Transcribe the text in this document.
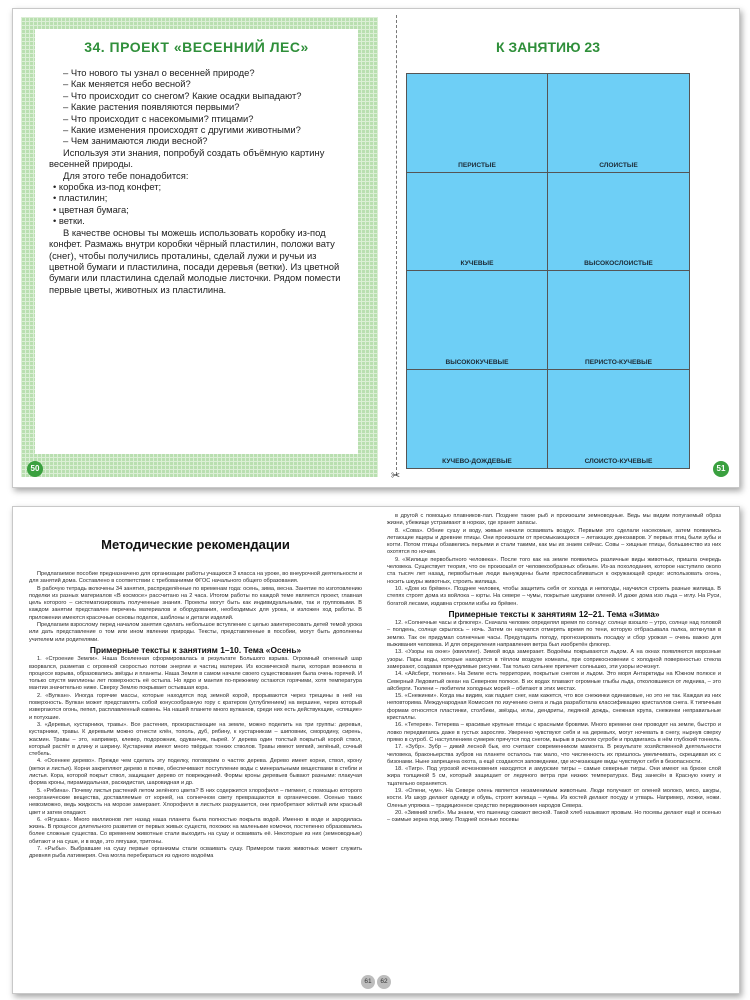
34. ПРОЕКТ «ВЕСЕННИЙ ЛЕС»

– Что нового ты узнал о весенней природе?

– Как меняется небо весной?

– Что происходит со снегом? Какие осадки выпадают?

– Какие растения появляются первыми?

– Что происходит с насекомыми? птицами?

– Какие изменения происходят с другими животными?

– Чем занимаются люди весной?

Используя эти знания, попробуй создать объёмную картину весенней природы.

Для этого тебе понадобится:

• коробка из-под конфет;

• пластилин;

• цветная бумага;

• ветки.

В качестве основы ты можешь использовать коробку из-под конфет. Размажь внутри коробки чёрный пластилин, положи вату (снег), чтобы получились проталины, сделай лужи и ручьи из цветной бумаги и пластилина, посади деревья (ветки). Из цветной бумаги или пластилина сделай молодые листочки. Рядом помести первые цветы, животных из пластилина.

50
✂
К ЗАНЯТИЮ 23
ПЕРИСТЫЕ	СЛОИСТЫЕ
КУЧЕВЫЕ	ВЫСОКОСЛОИСТЫЕ
ВЫСОКОКУЧЕВЫЕ	ПЕРИСТО-КУЧЕВЫЕ
КУЧЕВО-ДОЖДЕВЫЕ	СЛОИСТО-КУЧЕВЫЕ
51
Методические рекомендации

Предлагаемое пособие предназначено для организации работы учащихся 3 класса на уроке, во внеурочной деятельности и для занятий дома. Составлено в соответствии с требованиями ФГОС начального общего образования.

В рабочую тетрадь включены 34 занятия, распределённые по временам года: осень, зима, весна. Занятие по изготовлению поделки из разных материалов «В космосе» рассчитано на 2 часа. Итогом работы по каждой теме является проект, главная цель которого – систематизировать полученные знания. Проекты могут быть как индивидуальными, так и групповыми. В каждом занятии представлен перечень материалов и оборудования, необходимых для урока, и изложен ход работы. В приложении имеются красочные основы поделок, шаблоны и детали изделий.

Предлагаем взрослому перед началом занятия сделать небольшое вступление с целью заинтересовать детей темой урока или дать представление о том или ином явлении природы. Тексты, представленные в пособии, могут быть дополнены учителем или родителями.

Примерные тексты к занятиям 1–10. Тема «Осень»

1. «Строение Земли». Наша Вселенная сформировалась в результате Большого взрыва. Огромный огненный шар взорвался, разметав с огромной скоростью потоки энергии и частиц материи. Из космической пыли, которая возникла в процессе взрыва, образовались звёзды и планеты. Наша Земля в самом начале своего существования была очень горячей. И только спустя миллионы лет поверхность её остыла. Но ядро и мантия по-прежнему остаются горячими, хотя температура мантии значительно ниже. Сверху Землю покрывает остывшая кора.

2. «Вулкан». Иногда горячие массы, которые находятся под земной корой, прорываются через трещины в ней на поверхность. Вулкан может представлять собой конусообразную гору с кратером (углублением) на вершине, через который извергаются огонь, пепел, расплавленный камень. На нашей планете много вулканов, среди них есть действующие, «спящие» и потухшие.

3. «Деревья, кустарники, травы». Все растения, произрастающие на земле, можно поделить на три группы: деревья, кустарники, травы. К деревьям можно отнести клён, тополь, дуб, рябину, к кустарникам – шиповник, смородину, сирень, жасмин. Травы – это, например, клевер, подорожник, одуванчик, пырей. У дерева один толстый покрытый корой ствол, который растёт в длину и ширину. Кустарники имеют много твёрдых тонких стволов. Травы имеют мягкий, зелёный, сочный стебель.

4. «Осеннее дерево». Прежде чем сделать эту поделку, поговорим о частях дерева. Дерево имеет корни, ствол, крону (ветки и листья). Корни закрепляют дерево в почве, обеспечивают поступление воды с минеральными веществами в стебли и листья. Кора, которой покрыт ствол, защищает дерево от повреждений. Формы кроны деревьев бывают разными: плакучая форма кроны, пирамидальная, раскидистая, шаровидная и др.

5. «Рябина». Почему листья растений летом зелёного цвета? В них содержится хлорофилл – пигмент, с помощью которого неорганические вещества, доставляемые от корней, на солнечном свету превращаются в органические. Осенью таких невозможно, ведь жидкость на морозе замерзает. Хлорофилл в листьях разрушается, они приобретают жёлтый или красный цвет и затем опадают.

6. «Ягушка». Много миллионов лет назад наша планета была полностью покрыта водой. Именно в воде и зародилась жизнь. В процессе длительного развития от первых живых существ, похожих на маленькие комочки, постепенно образовались более сложные существа. Со временем животные стали выходить на сушу и осваивать её. Некоторые из них (земноводные) обитают и на суше, и в воде, это лягушки, тритоны.

7. «Рыбы». Выбравшие на сушу первые организмы стали осваивать сушу. Примером таких животных может служить древняя рыба латимерия. Она могла перебираться из одного водоёма

61	62

в другой с помощью плавников-лап. Позднее такие рыб и произошли земноводные. Ведь мы видим попугаемый образ жизни, убежище устраивают в норках, где хранят запасы.

8. «Сова». Обние сушу и воду, живые начали осваивать воздух. Первыми это сделали насекомые, затем появились летающие ящеры и древние птицы. Они произошли от пресмыкающихся – летающих динозавров. У первых птиц были зубы и когти. Потом птицы обзавелись перьями и стали такими, как мы их знаем сейчас. Совы – хищные птицы, большинство из них охотятся по ночам.

9. «Жилище первобытного человека». После того как на земле появились различные виды животных, пришла очередь человека. Существует теория, что он произошёл от человекообразных обезьян. Из-за похолодания, которое наступило около ста тысяч лет назад, первобытные люди вынуждены были приспосабливаться к окружающей среде: использовать огонь, носить шкуры животных, строить жилища.

10. «Дом из брёвен». Позднее человек, чтобы защитить себя от холода и непогоды, научился строить разные жилища. В степях строят дома из войлока – юрты. На севере – чумы, покрытые шкурами оленей. И даже дома изо льда – иглу. На Руси, богатой лесами, издавна строили избы из брёвен.

Примерные тексты к занятиям 12–21. Тема «Зима»

12. «Солнечные часы и флюгер». Сначала человек определял время по солнцу: солнце взошло – утро, солнце над головой – полдень, солнце скрылось – ночь. Затем он научился отмерять время по тени, которую отбрасывала палка, воткнутая в землю. Так он придумал солнечные часы. Предугадать погоду, прогнозировать посадку и сбор урожая – очень важно для выживания человека. И для определения направления ветра был изобретён флюгер.

13. «Узоры на окне» (квиллинг). Зимой вода замерзает. Водоёмы покрываются льдом. А на окнах появляются морозные узоры. Пары воды, которые находятся в тёплом воздухе комнаты, при соприкосновении с холодной поверхностью стекла замерзают, создавая причудливые рисунки. Так только сильнее припечет солнышко, эти узоры исчезнут.

14. «Айсберг, тюлени». На Земле есть территории, покрытые снегом и льдом. Это моря Антарктиды на Южном полюсе и Северный Ледовитый океан на Северном полюсе. В их водах плавают огромные глыбы льда, отколовшиеся от ледника, – это айсберги. Тюлени – любители холодных морей – обитают в этих местах.

15. «Снежинки». Когда мы видим, как падает снег, нам кажется, что все снежинки одинаковые, но это не так. Каждая из них неповторима. Международная Комиссия по изучению снега и льда разработала классификацию кристаллов снега. К типичным формам относятся пластинки, столбики, звёзды, иглы, дендриты, ледяной дождь, снежная крупа, снежинки неправильные кристаллы.

16. «Тетерев». Тетерева – красивые крупные птицы с красными бровями. Много времени они проводят на земле, быстро и ловко передвигаясь даже в густых зарослях. Уверенно чувствуют себя и на деревьях, могут ночевать в снегу, нырнув сверху прямо в сугроб. С наступлением сумерек прячутся под снегом, вырыв в рыхлом сугробе и продвигаясь в нём глубокий тоннель.

17. «Зубр». Зубр – дикий лесной бык, его считают современником мамонта. В результате хозяйственной деятельности человека, браконьерства зубров на планете осталось так мало, что численность их пришлось увеличивать, скрещивая их с бизонами. Ныне запрещена охота, а ещё создаются заповедники, где исчезающие виды чувствуют себя в безопасности.

18. «Тигр». Под угрозой исчезновения находятся и амурские тигры – самые северные тигры. Они имеют на брюхе слой жира толщиной 5 см, который защищает от ледяного ветра при низких температурах. Вид занесён в Красную книгу и тщательно охраняется.

19. «Олени, чум». На Севере олень является незаменимым животным. Люди получают от оленей молоко, мясо, шкуры, кости. Из шкур делают одежду и обувь, строят жилища – чумы. Из костей делают посуду и утварь. Например, ложки, ножи. Оленья упряжка – традиционное средство передвижения народов Севера.

20. «Зимний хлеб». Мы знаем, что пшеницу сажают весной. Такой хлеб называют яровым. Но посевы делают ещё и осенью – озимые зерна под зиму. Поздней осенью посевы
